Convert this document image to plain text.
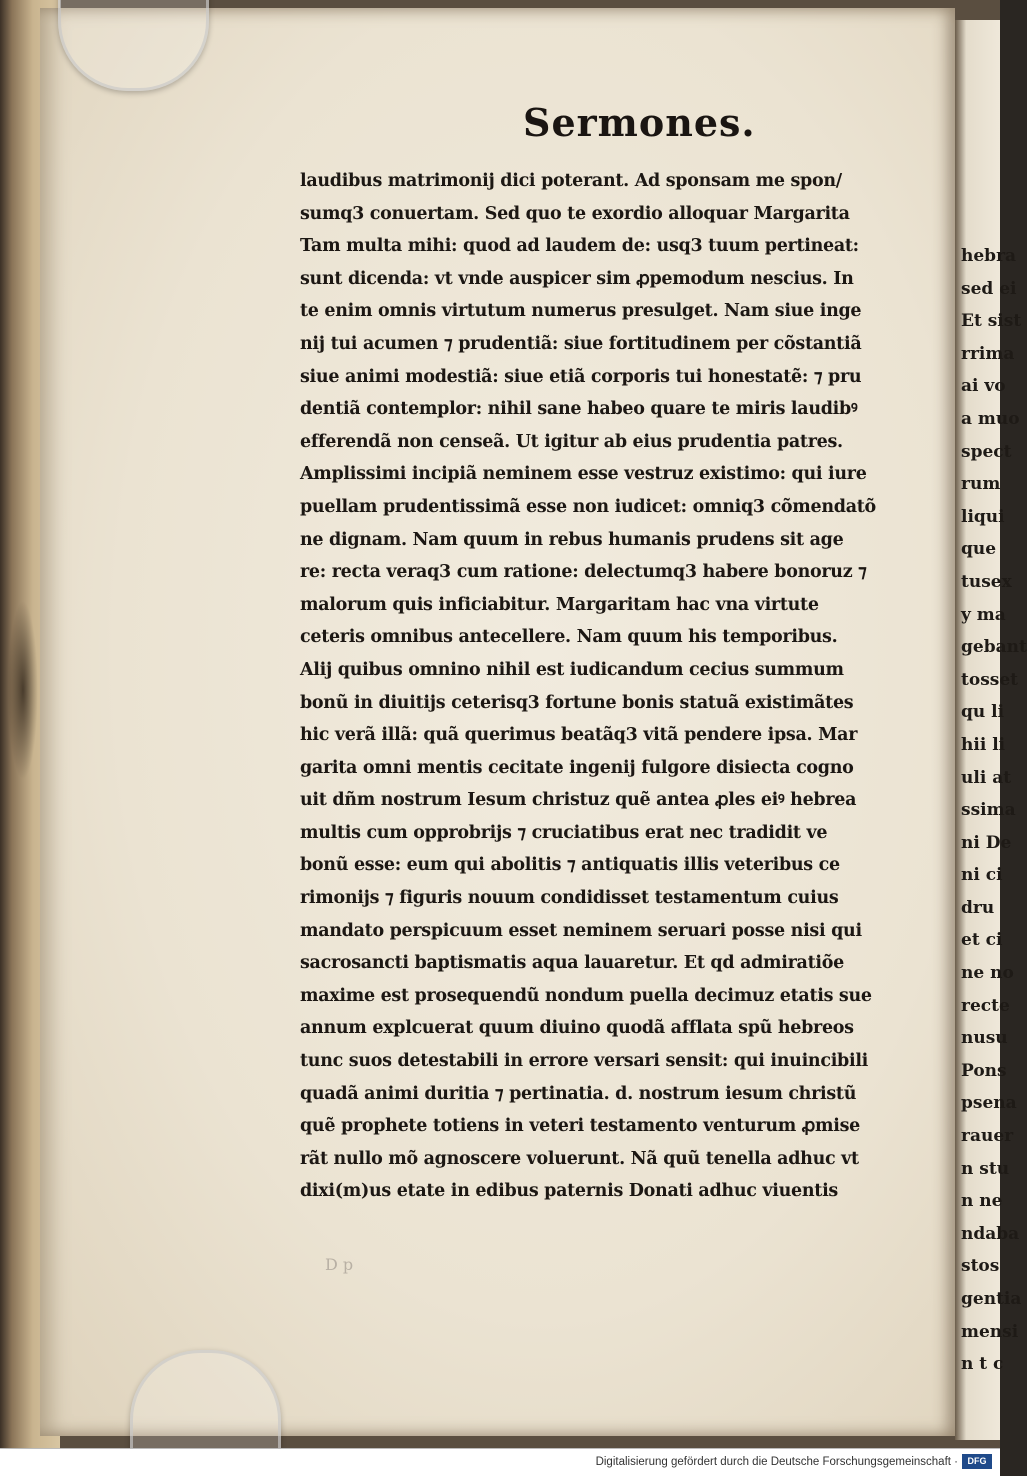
hebra
sed ei
Et sist
rrima
ai vo
a muo
spect
rum
liqui
que
tusex
y ma
gebant
tosset
qu li
hii li
uli at
ssima
ni De
ni ci
dru
et ci
ne no
recte
nusu
Pons
psena
rauer
n stu
n ne
ndaba
stos
gentia
mensi
n t c
Sermones.
laudibus matrimonij dici poterant. Ad sponsam me spon/
sumq3 conuertam. Sed quo te exordio alloquar Margarita
Tam multa mihi: quod ad laudem de: usq3 tuum pertineat:
sunt dicenda: vt vnde auspicer sim ꝓpemodum nescius. In
te enim omnis virtutum numerus presulget. Nam siue inge
nij tui acumen ⁊ prudentiã: siue fortitudinem per cõstantiã
siue animi modestiã: siue etiã corporis tui honestatẽ: ⁊ pru
dentiã contemplor: nihil sane habeo quare te miris laudibꝰ
efferendã non censeã. Ut igitur ab eius prudentia patres.
Amplissimi incipiã neminem esse vestruz existimo: qui iure
puellam prudentissimã esse non iudicet: omniq3 cõmendatõ
ne dignam. Nam quum in rebus humanis prudens sit age
re: recta veraq3 cum ratione: delectumq3 habere bonoruz ⁊
malorum quis inficiabitur. Margaritam hac vna virtute
ceteris omnibus antecellere. Nam quum his temporibus.
Alij quibus omnino nihil est iudicandum cecius summum
bonũ in diuitijs ceterisq3 fortune bonis statuã existimãtes
hic verã illã: quã querimus beatãq3 vitã pendere ipsa. Mar
garita omni mentis cecitate ingenij fulgore disiecta cogno
uit dñm nostrum Iesum christuz quẽ antea ꝓles eiꝰ hebrea
multis cum opprobrijs ⁊ cruciatibus erat nec tradidit ve
bonũ esse: eum qui abolitis ⁊ antiquatis illis veteribus ce
rimonijs ⁊ figuris nouum condidisset testamentum cuius
mandato perspicuum esset neminem seruari posse nisi qui
sacrosancti baptismatis aqua lauaretur. Et qd admiratiõe
maxime est prosequendũ nondum puella decimuz etatis sue
annum explcuerat quum diuino quodã afflata spũ hebreos
tunc suos detestabili in errore versari sensit: qui inuincibili
quadã animi duritia ⁊ pertinatia. d. nostrum iesum christũ
quẽ prophete totiens in veteri testamento venturum ꝓmise
rãt nullo mõ agnoscere voluerunt. Nã quũ tenella adhuc vt
dixi(m)us etate in edibus paternis Donati adhuc viuentis
D p
Digitalisierung gefördert durch die Deutsche Forschungsgemeinschaft ·	DFG
